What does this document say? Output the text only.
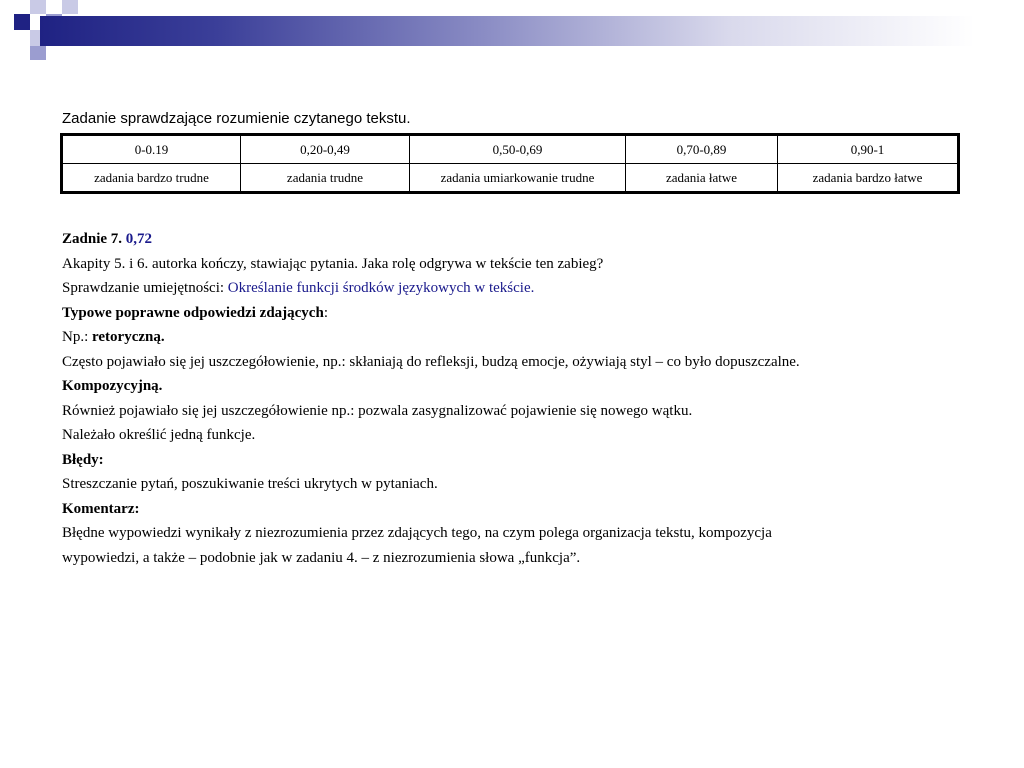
Zadanie sprawdzające rozumienie czytanego tekstu.
0-0.19	0,20-0,49	0,50-0,69	0,70-0,89	0,90-1
zadania bardzo trudne	zadania trudne	zadania umiarkowanie trudne	zadania łatwe	zadania bardzo łatwe

Zadnie 7. 0,72

Akapity 5. i 6. autorka kończy, stawiając pytania. Jaka rolę odgrywa w tekście ten zabieg?

Sprawdzanie umiejętności: Określanie funkcji środków językowych w tekście.

Typowe poprawne odpowiedzi zdających:

Np.: retoryczną.

Często pojawiało się jej uszczegółowienie, np.: skłaniają do refleksji, budzą emocje, ożywiają styl – co było dopuszczalne.

Kompozycyjną.

Również pojawiało się jej uszczegółowienie np.: pozwala zasygnalizować pojawienie się nowego wątku.

Należało określić jedną funkcje.

Błędy:

Streszczanie pytań, poszukiwanie treści ukrytych w pytaniach.

Komentarz:

Błędne wypowiedzi wynikały z niezrozumienia przez zdających tego, na czym polega organizacja tekstu, kompozycja

wypowiedzi, a także – podobnie jak w zadaniu 4. – z niezrozumienia słowa „funkcja”.
